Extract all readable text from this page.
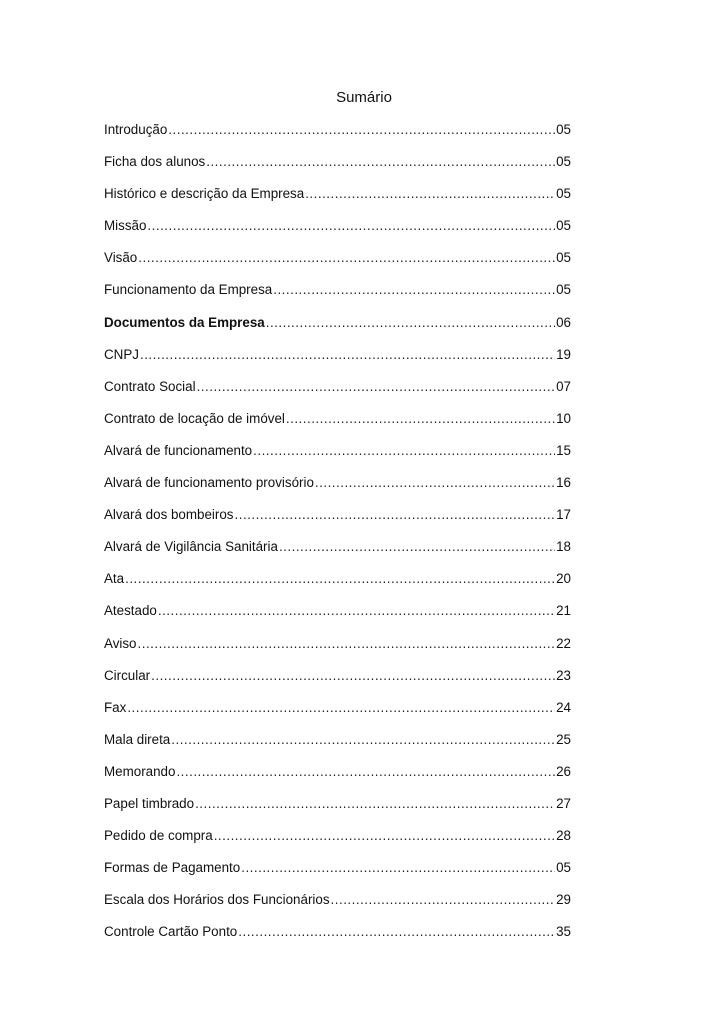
Sumário
Introdução .....	05
Ficha dos alunos .....	05
Histórico e descrição da Empresa .....	05
Missão .....	05
Visão .....	05
Funcionamento da Empresa .....	05
Documentos da Empresa .....	06
CNPJ .....	19
Contrato Social .....	07
Contrato de locação de imóvel .....	10
Alvará de funcionamento .....	15
Alvará de funcionamento provisório .....	16
Alvará dos bombeiros .....	17
Alvará de Vigilância Sanitária .....	18
Ata .....	20
Atestado .....	21
Aviso .....	22
Circular .....	23
Fax .....	24
Mala direta .....	25
Memorando .....	26
Papel timbrado .....	27
Pedido de compra .....	28
Formas de Pagamento .....	05
Escala dos Horários dos Funcionários .....	29
Controle Cartão Ponto .....	35
